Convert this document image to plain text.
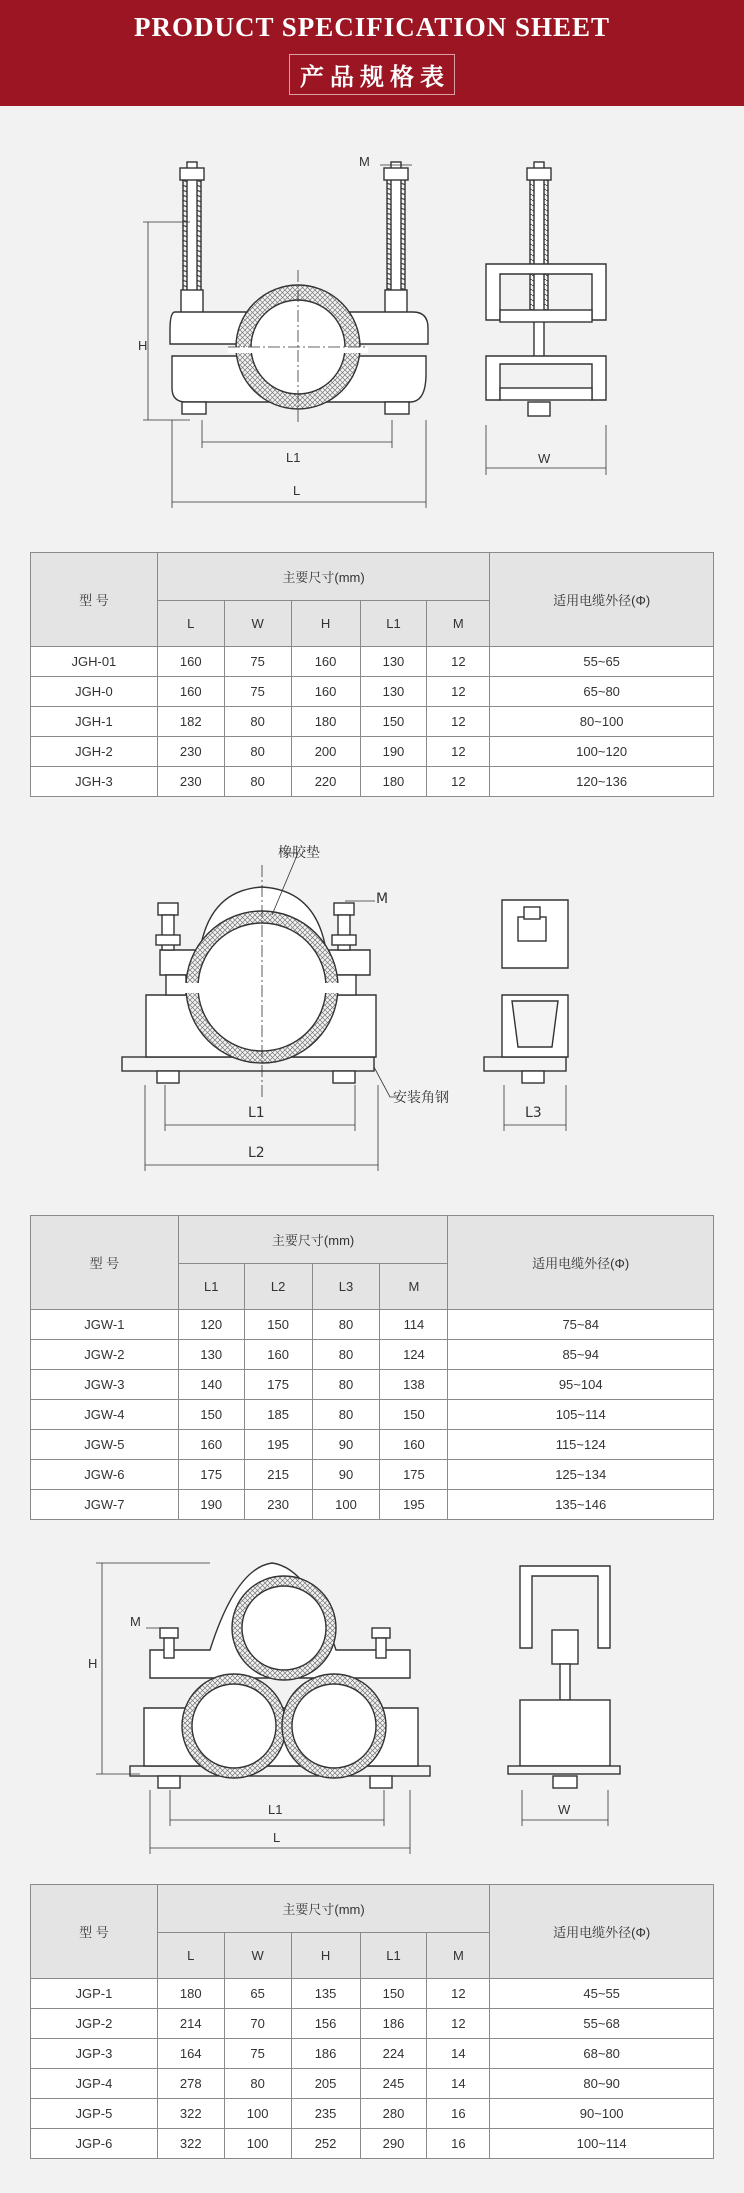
PRODUCT SPECIFICATION SHEET
产品规格表
M
H
L1
L
W
型 号	主要尺寸(mm)					适用电缆外径(Φ)
	L	W	H	L1	M	
JGH-01	160	75	160	130	12	55~65
JGH-0	160	75	160	130	12	65~80
JGH-1	182	80	180	150	12	80~100
JGH-2	230	80	200	190	12	100~120
JGH-3	230	80	220	180	12	120~136
橡胶垫
M
L1
L2
安装角钢
L3
型 号	主要尺寸(mm)				适用电缆外径(Φ)
	L1	L2	L3	M	
JGW-1	120	150	80	114	75~84
JGW-2	130	160	80	124	85~94
JGW-3	140	175	80	138	95~104
JGW-4	150	185	80	150	105~114
JGW-5	160	195	90	160	115~124
JGW-6	175	215	90	175	125~134
JGW-7	190	230	100	195	135~146
M
H
L1
L
W
型 号	主要尺寸(mm)					适用电缆外径(Φ)
	L	W	H	L1	M	
JGP-1	180	65	135	150	12	45~55
JGP-2	214	70	156	186	12	55~68
JGP-3	164	75	186	224	14	68~80
JGP-4	278	80	205	245	14	80~90
JGP-5	322	100	235	280	16	90~100
JGP-6	322	100	252	290	16	100~114
